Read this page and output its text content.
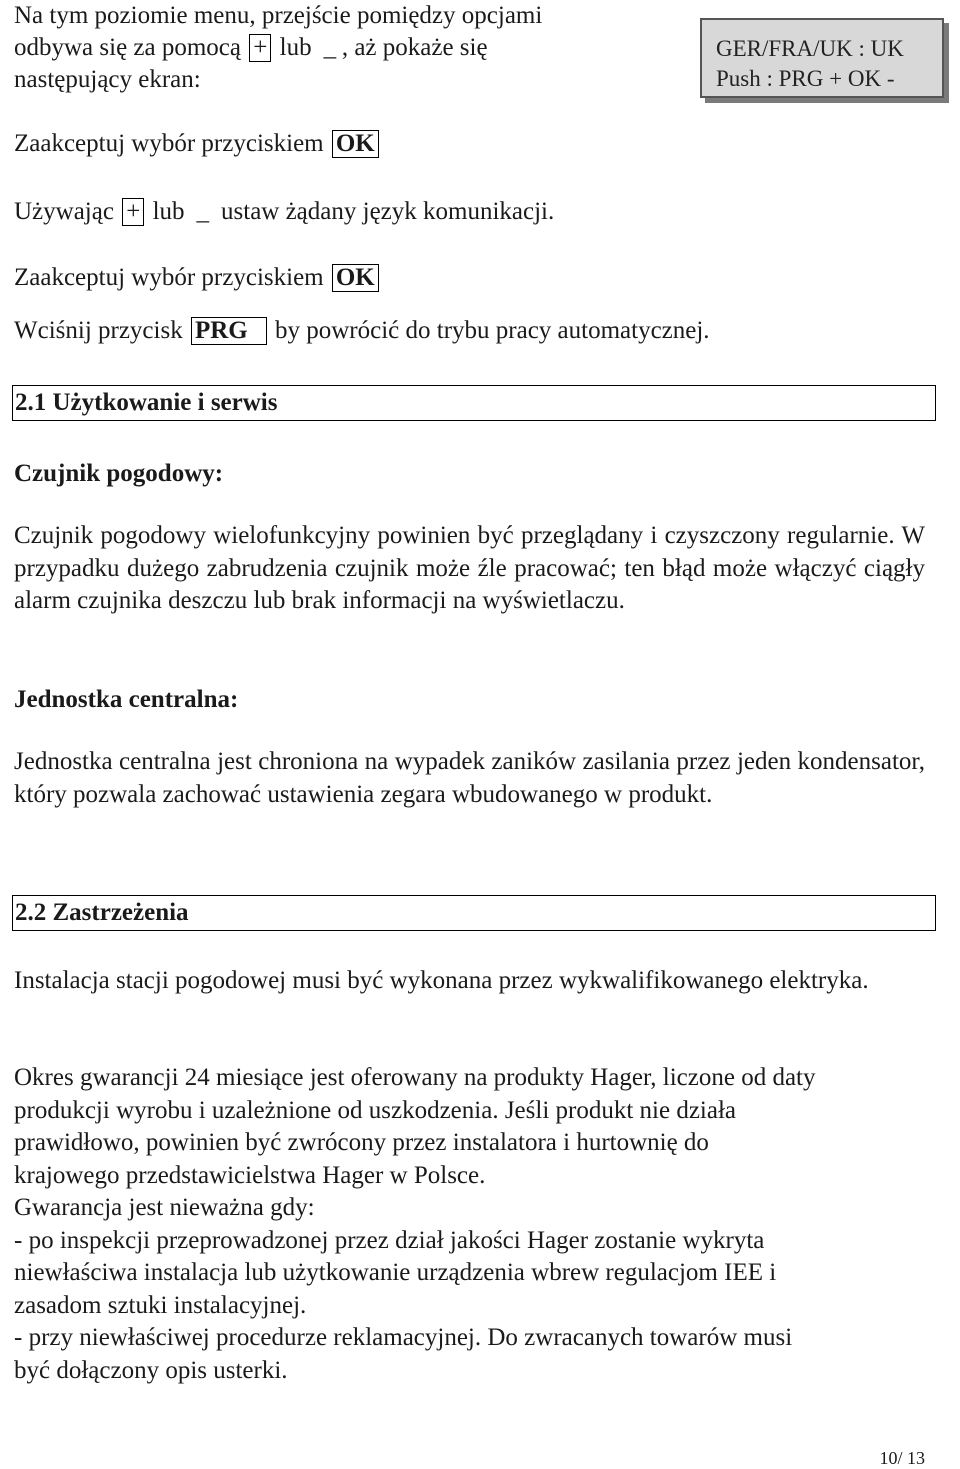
Na tym poziomie menu, przejście pomiędzy opcjami
odbywa się za pomocą + lub _ , aż pokaże się
następujący ekran:
GER/FRA/UK : UK
Push : PRG + OK -
Zaakceptuj wybór przyciskiem OK
Używając + lub _ ustaw żądany język komunikacji.
Zaakceptuj wybór przyciskiem OK
Wciśnij przycisk PRG by powrócić do trybu pracy automatycznej.
2.1 Użytkowanie i serwis
Czujnik pogodowy:

Czujnik pogodowy wielofunkcyjny powinien być przeglądany i czyszczony regularnie. W przypadku dużego zabrudzenia czujnik może źle pracować; ten błąd może włączyć ciągły alarm czujnika deszczu lub brak informacji na wyświetlaczu.

Jednostka centralna:

Jednostka centralna jest chroniona na wypadek zaników zasilania przez jeden kondensator, który pozwala zachować ustawienia zegara wbudowanego w produkt.

2.2 Zastrzeżenia

Instalacja stacji pogodowej musi być wykonana przez wykwalifikowanego elektryka.

Okres gwarancji 24 miesiące jest oferowany na produkty Hager, liczone od daty
produkcji wyrobu i uzależnione od uszkodzenia. Jeśli produkt nie działa
prawidłowo, powinien być zwrócony przez instalatora i hurtownię do
krajowego przedstawicielstwa Hager w Polsce.
Gwarancja jest nieważna gdy:
- po inspekcji przeprowadzonej przez dział jakości Hager zostanie wykryta
niewłaściwa instalacja lub użytkowanie urządzenia wbrew regulacjom IEE i
zasadom sztuki instalacyjnej.
- przy niewłaściwej procedurze reklamacyjnej. Do zwracanych towarów musi
być dołączony opis usterki.
10/ 13
